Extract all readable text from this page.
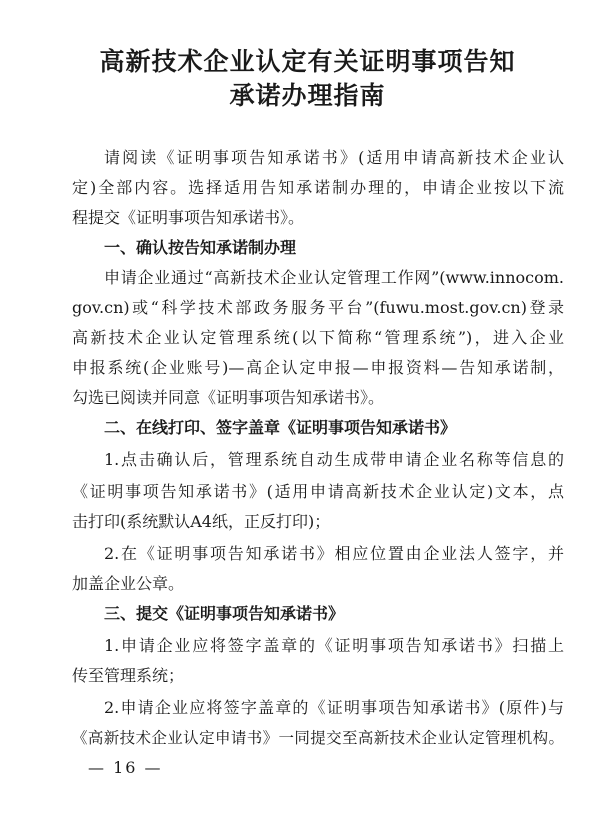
高新技术企业认定有关证明事项告知
承诺办理指南

请阅读《证明事项告知承诺书》(适用申请高新技术企业认

定)全部内容。选择适用告知承诺制办理的，申请企业按以下流

程提交《证明事项告知承诺书》。

一、确认按告知承诺制办理

申请企业通过“高新技术企业认定管理工作网”(www.innocom.

gov.cn)或“科学技术部政务服务平台”(fuwu.most.gov.cn)登录

高新技术企业认定管理系统(以下简称“管理系统”)，进入企业

申报系统(企业账号)—高企认定申报—申报资料—告知承诺制，

勾选已阅读并同意《证明事项告知承诺书》。

二、在线打印、签字盖章《证明事项告知承诺书》

1.点击确认后，管理系统自动生成带申请企业名称等信息的

《证明事项告知承诺书》(适用申请高新技术企业认定)文本，点

击打印(系统默认A4纸，正反打印)；

2.在《证明事项告知承诺书》相应位置由企业法人签字，并

加盖企业公章。

三、提交《证明事项告知承诺书》

1.申请企业应将签字盖章的《证明事项告知承诺书》扫描上

传至管理系统；

2.申请企业应将签字盖章的《证明事项告知承诺书》(原件)与

《高新技术企业认定申请书》一同提交至高新技术企业认定管理机构。

— 16 —
